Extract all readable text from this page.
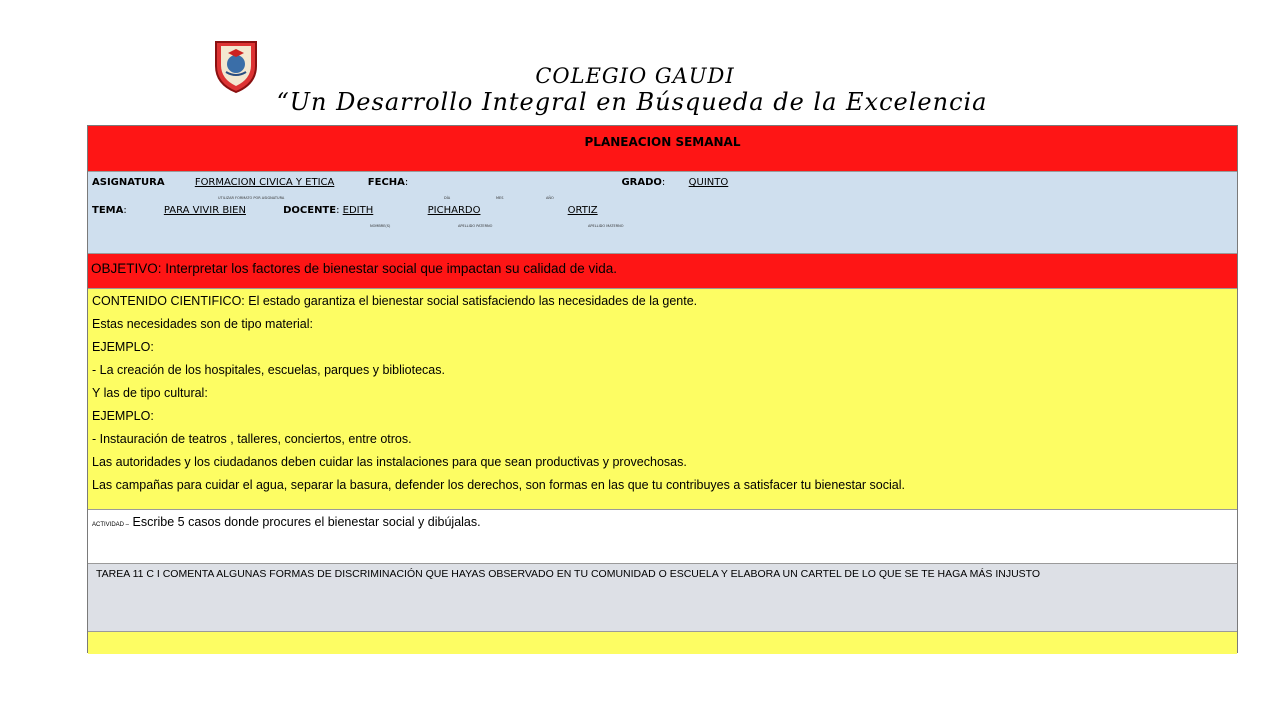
COLEGIO GAUDI
“Un Desarrollo Integral en Búsqueda de la Excelencia
PLANEACION SEMANAL
ASIGNATURA	FORMACION CIVICA Y ETICA	FECHA:	GRADO: QUINTO
UTILIZAR FORMATO POR ASIGNATURA	DÍA	MES	AÑO
TEMA:	PARA VIVIR BIEN	DOCENTE: EDITH	PICHARDO	ORTIZ
NOMBRE(S)	APELLIDO PATERNO	APELLIDO MATERNO
OBJETIVO: Interpretar los factores de bienestar social que impactan su calidad de vida.
CONTENIDO CIENTIFICO: El estado garantiza el bienestar social satisfaciendo las necesidades de la gente.
Estas necesidades son de tipo material:
EJEMPLO:
- La creación de los hospitales, escuelas, parques y bibliotecas.
Y las de tipo cultural:
EJEMPLO:
- Instauración de teatros , talleres, conciertos, entre otros.
Las autoridades y los ciudadanos deben cuidar las instalaciones para que sean productivas y provechosas.
Las campañas para cuidar el agua, separar la basura, defender los derechos, son formas en las que tu contribuyes a satisfacer tu bienestar social.
ACTIVIDAD – Escribe 5 casos donde procures el bienestar social y dibújalas.
TAREA 11 C I COMENTA ALGUNAS FORMAS DE DISCRIMINACIÓN QUE HAYAS OBSERVADO EN TU COMUNIDAD O ESCUELA Y ELABORA UN CARTEL DE LO QUE SE TE HAGA MÁS INJUSTO
